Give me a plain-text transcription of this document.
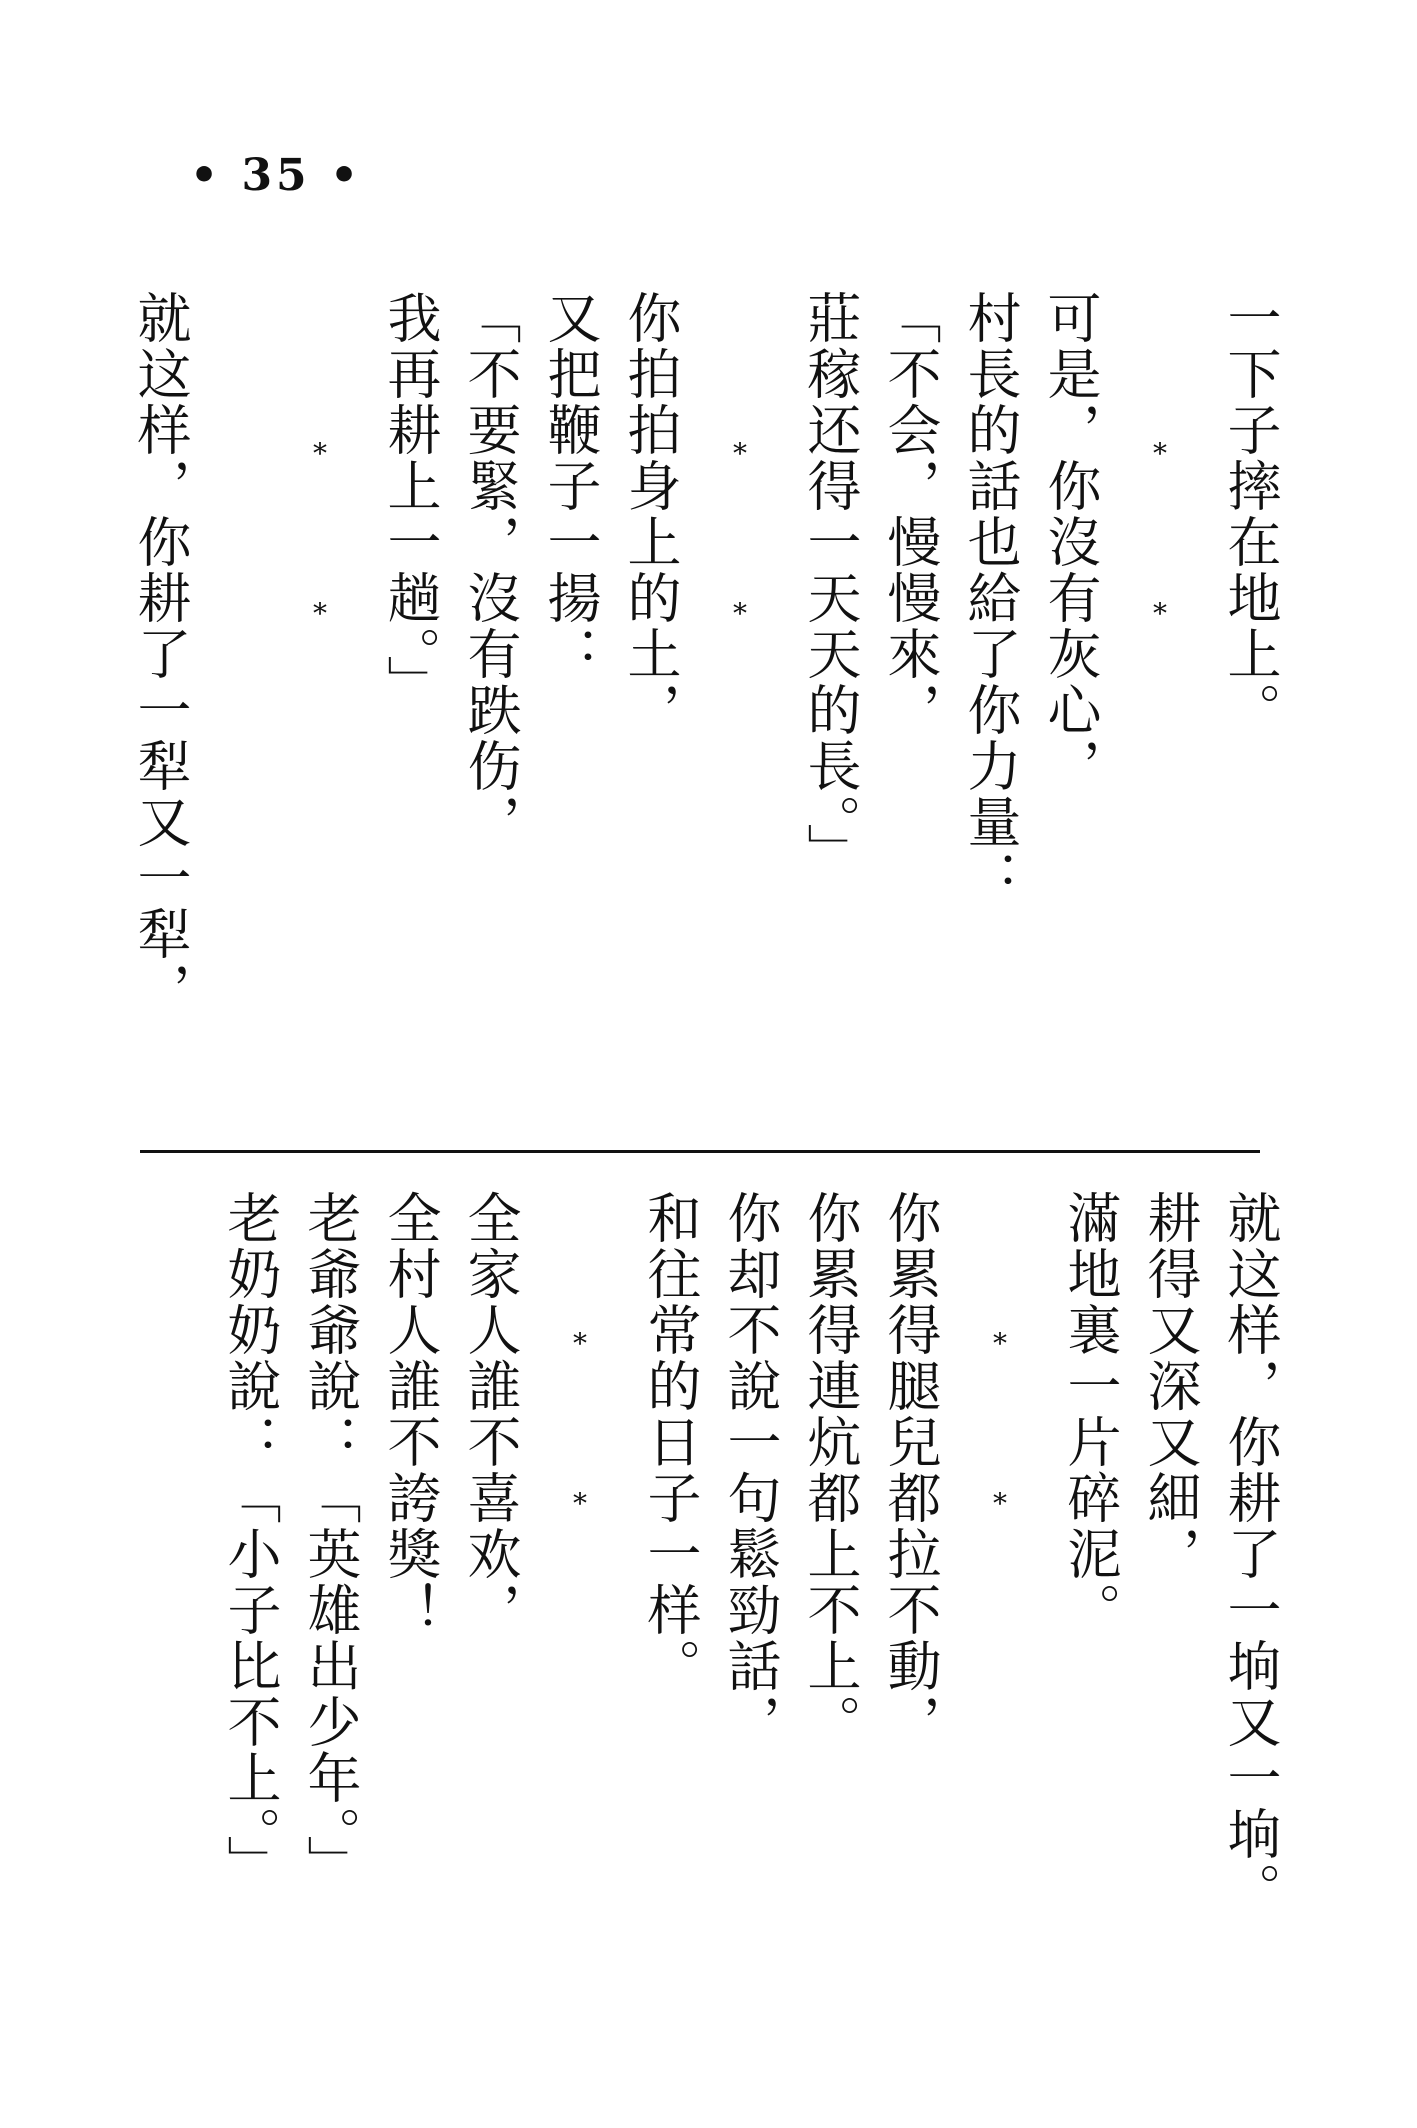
• 35 •
一下子摔在地上。
*
*
可是，你沒有灰心，
村長的話也給了你力量：
「不会，慢慢來，
莊稼还得一天天的長。」
*
*
你拍拍身上的土，
又把鞭子一揚：
「不要緊，沒有跌伤，
我再耕上一趟。」
*
*
就这样，你耕了一犁又一犁，
就这样，你耕了一垧又一垧。
耕得又深又細，
滿地裏一片碎泥。
*
*
你累得腿兒都拉不動，
你累得連炕都上不上。
你却不說一句鬆勁話，
和往常的日子一样。
*
*
全家人誰不喜欢，
全村人誰不誇獎！
老爺爺說：「英雄出少年。」
老奶奶說：「小子比不上。」
